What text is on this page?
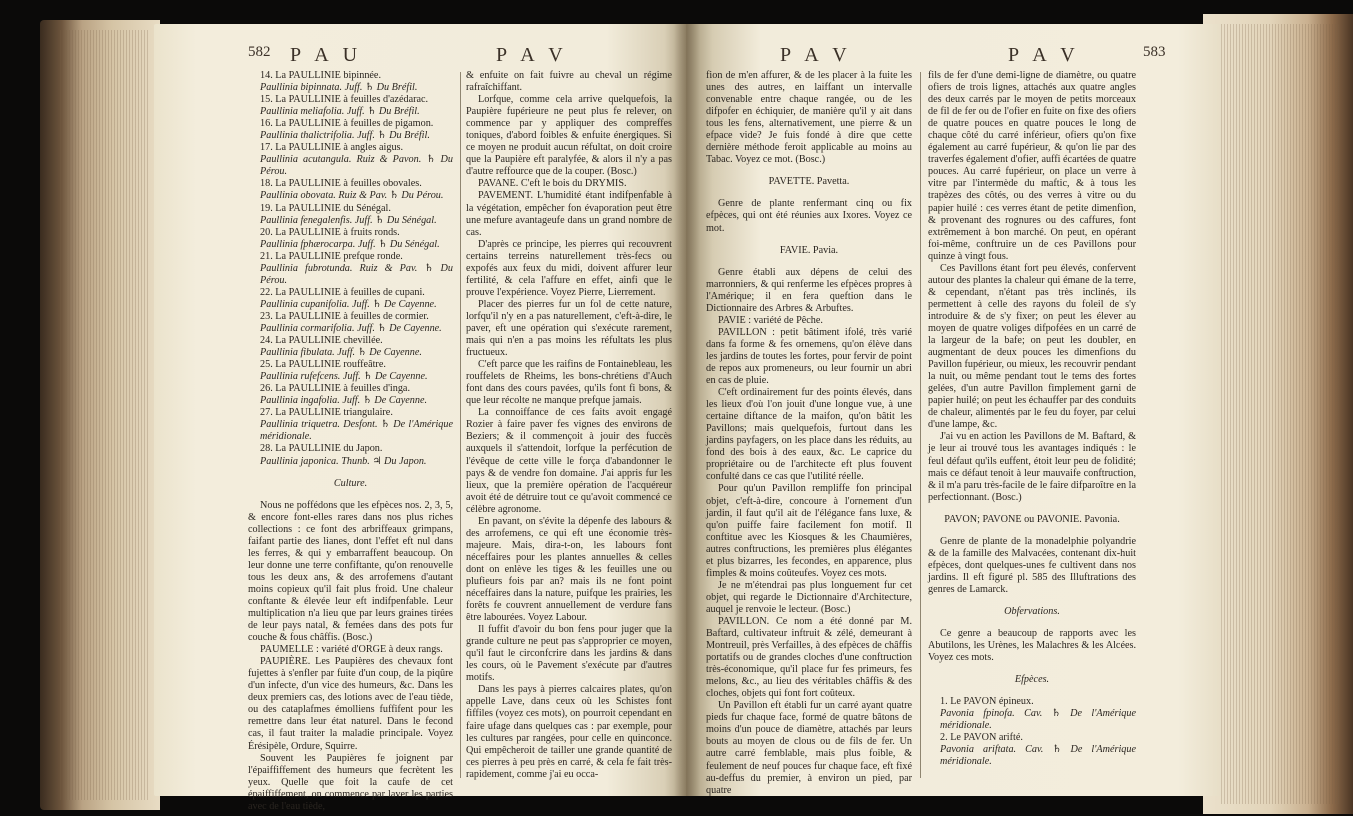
582 P A U	P A V	P A V	P A V	583

14. La PAULLINIE bipinnée.

Paullinia bipinnata. Juff. ♄ Du Bréfil.

15. La PAULLINIE à feuilles d'azédarac.

Paullinia meliafolia. Juff. ♄ Du Bréfil.

16. La PAULLINIE à feuilles de pigamon.

Paullinia thalictrifolia. Juff. ♄ Du Bréfil.

17. La PAULLINIE à angles aigus.

Paullinia acutangula. Ruiz & Pavon. ♄ Du Pérou.

18. La PAULLINIE à feuilles obovales.

Paullinia obovata. Ruiz & Pav. ♄ Du Pérou.

19. La PAULLINIE du Sénégal.

Paullinia fenegalenfis. Juff. ♄ Du Sénégal.

20. La PAULLINIE à fruits ronds.

Paullinia fphærocarpa. Juff. ♄ Du Sénégal.

21. La PAULLINIE prefque ronde.

Paullinia fubrotunda. Ruiz & Pav. ♄ Du Pérou.

22. La PAULLINIE à feuilles de cupani.

Paullinia cupanifolia. Juff. ♄ De Cayenne.

23. La PAULLINIE à feuilles de cormier.

Paullinia cormarifolia. Juff. ♄ De Cayenne.

24. La PAULLINIE chevillée.

Paullinia fibulata. Juff. ♄ De Cayenne.

25. La PAULLINIE rouffeâtre.

Paullinia rufefcens. Juff. ♄ De Cayenne.

26. La PAULLINIE à feuilles d'inga.

Paullinia ingafolia. Juff. ♄ De Cayenne.

27. La PAULLINIE triangulaire.

Paullinia triquetra. Desfont. ♄ De l'Amérique méridionale.

28. La PAULLINIE du Japon.

Paullinia japonica. Thunb. ♃ Du Japon.

Culture.

Nous ne poffédons que les efpèces nos. 2, 3, 5, & encore font-elles rares dans nos plus riches collections : ce font des arbriffeaux grimpans, faifant partie des lianes, dont l'effet eft nul dans les ferres, & qui y embarraffent beaucoup. On leur donne une terre confiftante, qu'on renouvelle tous les deux ans, & des arrofemens d'autant moins copieux qu'il fait plus froid. Une chaleur conftante & élevée leur eft indifpenfable. Leur multiplication n'a lieu que par leurs graines tirées de leur pays natal, & femées dans des pots fur couche & fous châffis. (Bosc.)

PAUMELLE : variété d'ORGE à deux rangs.

PAUPIÈRE. Les Paupières des chevaux font fujettes à s'enfler par fuite d'un coup, de la piqûre d'un infecte, d'un vice des humeurs, &c. Dans les deux premiers cas, des lotions avec de l'eau tiède, ou des cataplafmes émolliens fuffifent pour les remettre dans leur état naturel. Dans le fecond cas, il faut traiter la maladie principale. Voyez Érésipèle, Ordure, Squirre.

Souvent les Paupières fe joignent par l'épaiffiffement des humeurs que fecrètent les yeux. Quelle que foit la caufe de cet épaiffiffement, on commence par laver les parties avec de l'eau tiède,

& enfuite on fait fuivre au cheval un régime rafraîchiffant.

Lorfque, comme cela arrive quelquefois, la Paupière fupérieure ne peut plus fe relever, on commence par y appliquer des compreffes toniques, d'abord foibles & enfuite énergiques. Si ce moyen ne produit aucun réfultat, on doit croire que la Paupière eft paralyfée, & alors il n'y a pas d'autre reffource que de la couper. (Bosc.)

PAVANE. C'eft le bois du DRYMIS.

PAVEMENT. L'humidité étant indifpenfable à la végétation, empêcher fon évaporation peut être une mefure avantageufe dans un grand nombre de cas.

D'après ce principe, les pierres qui recouvrent certains terreins naturellement très-fecs ou expofés aux feux du midi, doivent affurer leur fertilité, & cela l'affure en effet, ainfi que le prouve l'expérience. Voyez Pierre, Lierrement.

Placer des pierres fur un fol de cette nature, lorfqu'il n'y en a pas naturellement, c'eft-à-dire, le paver, eft une opération qui s'exécute rarement, mais qui n'en a pas moins les réfultats les plus fructueux.

C'eft parce que les raifins de Fontainebleau, les rouffelets de Rheims, les bons-chrétiens d'Auch font dans des cours pavées, qu'ils font fi bons, & que leur récolte ne manque prefque jamais.

La connoiffance de ces faits avoit engagé Rozier à faire paver fes vignes des environs de Beziers; & il commençoit à jouir des fuccès auxquels il s'attendoit, lorfque la perfécution de l'évêque de cette ville le força d'abandonner le pays & de vendre fon domaine. J'ai appris fur les lieux, que la première opération de l'acquéreur avoit été de détruire tout ce qu'avoit commencé ce célèbre agronome.

En pavant, on s'évite la dépenfe des labours & des arrofemens, ce qui eft une économie très-majeure. Mais, dira-t-on, les labours font néceffaires pour les plantes annuelles & celles dont on enlève les tiges & les feuilles une ou plufieurs fois par an? mais ils ne font point néceffaires dans la nature, puifque les prairies, les forêts fe couvrent annuellement de verdure fans être labourées. Voyez Labour.

Il fuffit d'avoir du bon fens pour juger que la grande culture ne peut pas s'approprier ce moyen, qu'il faut le circonfcrire dans les jardins & dans les cours, où le Pavement s'exécute par d'autres motifs.

Dans les pays à pierres calcaires plates, qu'on appelle Lave, dans ceux où les Schistes font fiffiles (voyez ces mots), on pourroit cependant en faire ufage dans quelques cas : par exemple, pour les cultures par rangées, pour celle en quinconce. Qui empêcheroit de tailler une grande quantité de ces pierres à peu près en carré, & cela fe fait très-rapidement, comme j'ai eu occa-

fion de m'en affurer, & de les placer à la fuite les unes des autres, en laiffant un intervalle convenable entre chaque rangée, ou de les difpofer en échiquier, de manière qu'il y ait dans tous les fens, alternativement, une pierre & un efpace vide? Je fuis fondé à dire que cette dernière méthode feroit applicable au moins au Tabac. Voyez ce mot. (Bosc.)

PAVETTE. Pavetta.

Genre de plante renfermant cinq ou fix efpèces, qui ont été réunies aux Ixores. Voyez ce mot.

FAVIE. Pavia.

Genre établi aux dépens de celui des marronniers, & qui renferme les efpèces propres à l'Amérique; il en fera queftion dans le Dictionnaire des Arbres & Arbuftes.

PAVIE : variété de Pêche.

PAVILLON : petit bâtiment ifolé, très varié dans fa forme & fes ornemens, qu'on élève dans les jardins de toutes les fortes, pour fervir de point de repos aux promeneurs, ou leur fournir un abri en cas de pluie.

C'eft ordinairement fur des points élevés, dans les lieux d'où l'on jouit d'une longue vue, à une certaine diftance de la maifon, qu'on bâtit les Pavillons; mais quelquefois, furtout dans les jardins payfagers, on les place dans les réduits, au fond des bois à des eaux, &c. Le caprice du propriétaire ou de l'architecte eft plus fouvent confulté dans ce cas que l'utilité réelle.

Pour qu'un Pavillon rempliffe fon principal objet, c'eft-à-dire, concoure à l'ornement d'un jardin, il faut qu'il ait de l'élégance fans luxe, & qu'on puiffe faire facilement fon motif. Il conftitue avec les Kiosques & les Chaumières, autres conftructions, les premières plus élégantes et plus bizarres, les fecondes, en apparence, plus fimples & moins coûteufes. Voyez ces mots.

Je ne m'étendrai pas plus longuement fur cet objet, qui regarde le Dictionnaire d'Architecture, auquel je renvoie le lecteur. (Bosc.)

PAVILLON. Ce nom a été donné par M. Baftard, cultivateur inftruit & zélé, demeurant à Montreuil, près Verfailles, à des efpèces de châffis portatifs ou de grandes cloches d'une conftruction très-économique, qu'il place fur fes primeurs, fes melons, &c., au lieu des véritables châffis & des cloches, objets qui font fort coûteux.

Un Pavillon eft établi fur un carré ayant quatre pieds fur chaque face, formé de quatre bâtons de moins d'un pouce de diamètre, attachés par leurs bouts au moyen de clous ou de fils de fer. Un autre carré femblable, mais plus foible, & feulement de neuf pouces fur chaque face, eft fixé au-deffus du premier, à environ un pied, par quatre

fils de fer d'une demi-ligne de diamètre, ou quatre ofiers de trois lignes, attachés aux quatre angles des deux carrés par le moyen de petits morceaux de fil de fer ou de l'ofier en fuite on fixe des ofiers de quatre pouces en quatre pouces le long de chaque côté du carré inférieur, ofiers qu'on fixe également au carré fupérieur, & qu'on lie par des traverfes également d'ofier, auffi écartées de quatre pouces. Au carré fupérieur, on place un verre à vitre par l'intermède du maftic, & à tous les trapèzes des côtés, ou des verres à vitre ou du papier huilé : ces verres étant de petite dimenfion, & provenant des rognures ou des caffures, font extrêmement à bon marché. On peut, en opérant foi-même, conftruire un de ces Pavillons pour quinze à vingt fous.

Ces Pavillons étant fort peu élevés, confervent autour des plantes la chaleur qui émane de la terre, & cependant, n'étant pas très inclinés, ils permettent à celle des rayons du foleil de s'y introduire & de s'y fixer; on peut les élever au moyen de quatre voliges difpofées en un carré de la largeur de la bafe; on peut les doubler, en augmentant de deux pouces les dimenfions du Pavillon fupérieur, ou mieux, les recouvrir pendant la nuit, ou même pendant tout le tems des fortes gelées, d'un autre Pavillon fimplement garni de papier huilé; on peut les échauffer par des conduits de chaleur, alimentés par le feu du foyer, par celui d'une lampe, &c.

J'ai vu en action les Pavillons de M. Baftard, & je leur ai trouvé tous les avantages indiqués : le feul défaut qu'ils euffent, étoit leur peu de folidité; mais ce défaut tenoit à leur mauvaife conftruction, & il m'a paru très-facile de le faire difparoître en la perfectionnant. (Bosc.)

PAVON; PAVONE ou PAVONIE. Pavonia.

Genre de plante de la monadelphie polyandrie & de la famille des Malvacées, contenant dix-huit efpèces, dont quelques-unes fe cultivent dans nos jardins. Il eft figuré pl. 585 des Illuftrations des genres de Lamarck.

Obfervations.

Ce genre a beaucoup de rapports avec les Abutilons, les Urènes, les Malachres & les Alcées. Voyez ces mots.

Efpèces.

1. Le PAVON épineux.

Pavonia fpinofa. Cav. ♄ De l'Amérique méridionale.

2. Le PAVON arifté.

Pavonia ariftata. Cav. ♄ De l'Amérique méridionale.
